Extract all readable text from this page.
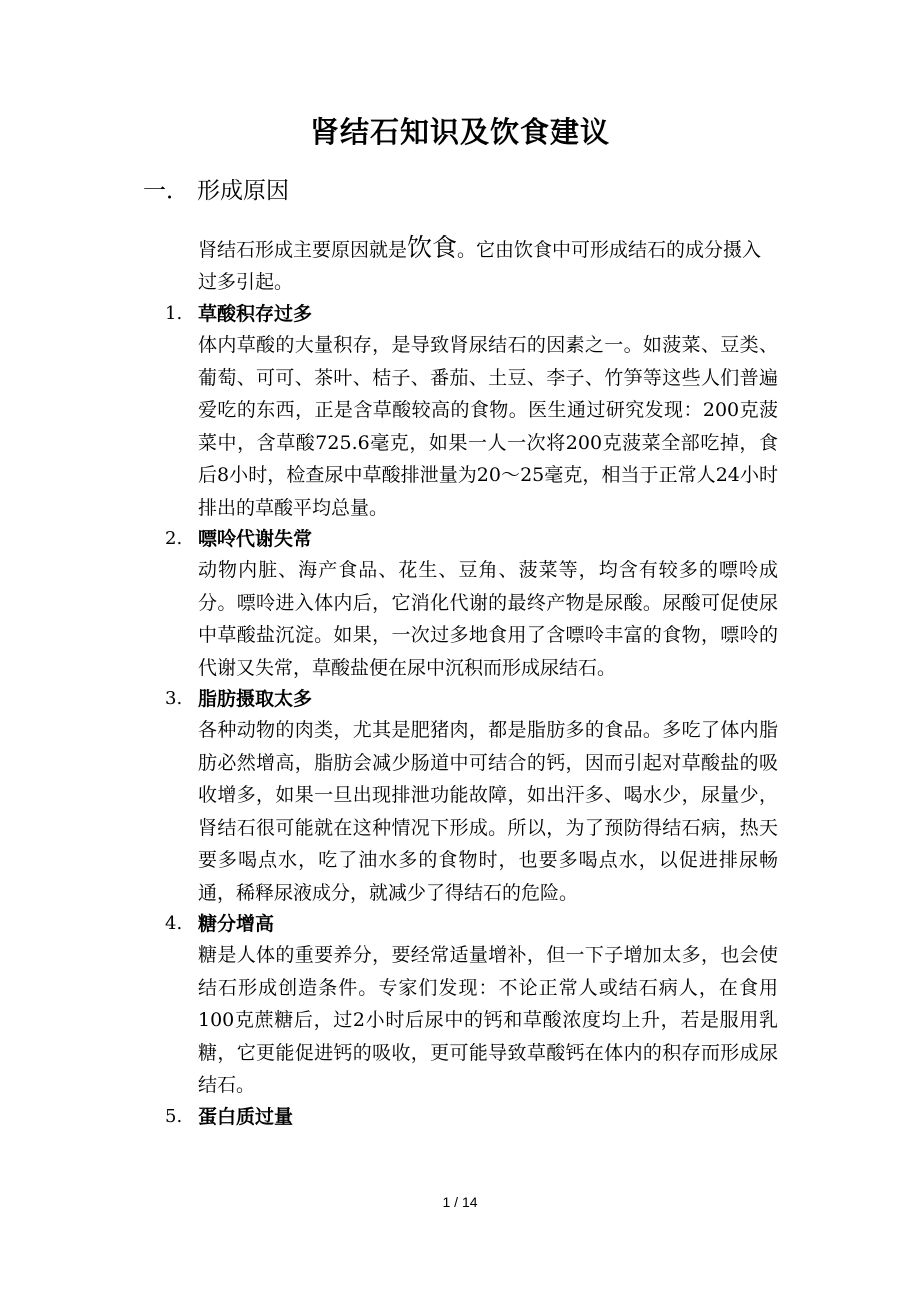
肾结石知识及饮食建议
一． 形成原因

肾结石形成主要原因就是饮食。它由饮食中可形成结石的成分摄入过多引起。

1. 草酸积存过多

体内草酸的大量积存，是导致肾尿结石的因素之一。如菠菜、豆类、葡萄、可可、茶叶、桔子、番茄、土豆、李子、竹笋等这些人们普遍爱吃的东西，正是含草酸较高的食物。医生通过研究发现：200克菠菜中，含草酸725.6毫克，如果一人一次将200克菠菜全部吃掉，食后8小时，检查尿中草酸排泄量为20～25毫克，相当于正常人24小时排出的草酸平均总量。

2. 嘌呤代谢失常

动物内脏、海产食品、花生、豆角、菠菜等，均含有较多的嘌呤成分。嘌呤进入体内后，它消化代谢的最终产物是尿酸。尿酸可促使尿中草酸盐沉淀。如果，一次过多地食用了含嘌呤丰富的食物，嘌呤的代谢又失常，草酸盐便在尿中沉积而形成尿结石。

3. 脂肪摄取太多

各种动物的肉类，尤其是肥猪肉，都是脂肪多的食品。多吃了体内脂肪必然增高，脂肪会减少肠道中可结合的钙，因而引起对草酸盐的吸收增多，如果一旦出现排泄功能故障，如出汗多、喝水少，尿量少，肾结石很可能就在这种情况下形成。所以，为了预防得结石病，热天要多喝点水，吃了油水多的食物时，也要多喝点水，以促进排尿畅通，稀释尿液成分，就减少了得结石的危险。

4. 糖分增高

糖是人体的重要养分，要经常适量增补，但一下子增加太多，也会使结石形成创造条件。专家们发现：不论正常人或结石病人，在食用100克蔗糖后，过2小时后尿中的钙和草酸浓度均上升，若是服用乳糖，它更能促进钙的吸收，更可能导致草酸钙在体内的积存而形成尿结石。

5. 蛋白质过量

1 / 14
